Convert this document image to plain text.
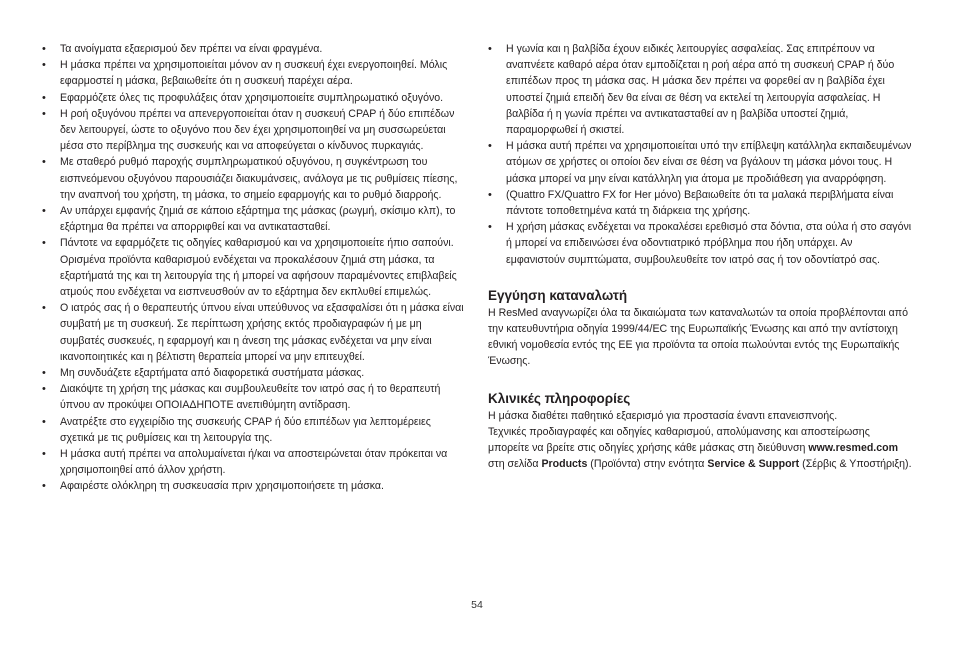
• Τα ανοίγματα εξαερισμού δεν πρέπει να είναι φραγμένα.
• Η μάσκα πρέπει να χρησιμοποιείται μόνον αν η συσκευή έχει ενεργοποιηθεί. Μόλις εφαρμοστεί η μάσκα, βεβαιωθείτε ότι η συσκευή παρέχει αέρα.
• Εφαρμόζετε όλες τις προφυλάξεις όταν χρησιμοποιείτε συμπληρωματικό οξυγόνο.
• Η ροή οξυγόνου πρέπει να απενεργοποιείται όταν η συσκευή CPAP ή δύο επιπέδων δεν λειτουργεί, ώστε το οξυγόνο που δεν έχει χρησιμοποιηθεί να μη συσσωρεύεται μέσα στο περίβλημα της συσκευής και να αποφεύγεται ο κίνδυνος πυρκαγιάς.
• Με σταθερό ρυθμό παροχής συμπληρωματικού οξυγόνου, η συγκέντρωση του εισπνεόμενου οξυγόνου παρουσιάζει διακυμάνσεις, ανάλογα με τις ρυθμίσεις πίεσης, την αναπνοή του χρήστη, τη μάσκα, το σημείο εφαρμογής και το ρυθμό διαρροής.
• Αν υπάρχει εμφανής ζημιά σε κάποιο εξάρτημα της μάσκας (ρωγμή, σκίσιμο κλπ), το εξάρτημα θα πρέπει να απορριφθεί και να αντικατασταθεί.
• Πάντοτε να εφαρμόζετε τις οδηγίες καθαρισμού και να χρησιμοποιείτε ήπιο σαπούνι. Ορισμένα προϊόντα καθαρισμού ενδέχεται να προκαλέσουν ζημιά στη μάσκα, τα εξαρτήματά της και τη λειτουργία της ή μπορεί να αφήσουν παραμένοντες επιβλαβείς ατμούς που ενδέχεται να εισπνευσθούν αν το εξάρτημα δεν εκπλυθεί επιμελώς.
• Ο ιατρός σας ή ο θεραπευτής ύπνου είναι υπεύθυνος να εξασφαλίσει ότι η μάσκα είναι συμβατή με τη συσκευή. Σε περίπτωση χρήσης εκτός προδιαγραφών ή με μη συμβατές συσκευές, η εφαρμογή και η άνεση της μάσκας ενδέχεται να μην είναι ικανοποιητικές και η βέλτιστη θεραπεία μπορεί να μην επιτευχθεί.
• Μη συνδυάζετε εξαρτήματα από διαφορετικά συστήματα μάσκας.
• Διακόψτε τη χρήση της μάσκας και συμβουλευθείτε τον ιατρό σας ή το θεραπευτή ύπνου αν προκύψει ΟΠΟΙΑΔΗΠΟΤΕ ανεπιθύμητη αντίδραση.
• Ανατρέξτε στο εγχειρίδιο της συσκευής CPAP ή δύο επιπέδων για λεπτομέρειες σχετικά με τις ρυθμίσεις και τη λειτουργία της.
• Η μάσκα αυτή πρέπει να απολυμαίνεται ή/και να αποστειρώνεται όταν πρόκειται να χρησιμοποιηθεί από άλλον χρήστη.
• Αφαιρέστε ολόκληρη τη συσκευασία πριν χρησιμοποιήσετε τη μάσκα.
• Η γωνία και η βαλβίδα έχουν ειδικές λειτουργίες ασφαλείας. Σας επιτρέπουν να αναπνέετε καθαρό αέρα όταν εμποδίζεται η ροή αέρα από τη συσκευή CPAP ή δύο επιπέδων προς τη μάσκα σας. Η μάσκα δεν πρέπει να φορεθεί αν η βαλβίδα έχει υποστεί ζημιά επειδή δεν θα είναι σε θέση να εκτελεί τη λειτουργία ασφαλείας. Η βαλβίδα ή η γωνία πρέπει να αντικατασταθεί αν η βαλβίδα υποστεί ζημιά, παραμορφωθεί ή σκιστεί.
• Η μάσκα αυτή πρέπει να χρησιμοποιείται υπό την επίβλεψη κατάλληλα εκπαιδευμένων ατόμων σε χρήστες οι οποίοι δεν είναι σε θέση να βγάλουν τη μάσκα μόνοι τους. Η μάσκα μπορεί να μην είναι κατάλληλη για άτομα με προδιάθεση για αναρρόφηση.
• (Quattro FX/Quattro FX for Her μόνο) Βεβαιωθείτε ότι τα μαλακά περιβλήματα είναι πάντοτε τοποθετημένα κατά τη διάρκεια της χρήσης.
• Η χρήση μάσκας ενδέχεται να προκαλέσει ερεθισμό στα δόντια, στα ούλα ή στο σαγόνι ή μπορεί να επιδεινώσει ένα οδοντιατρικό πρόβλημα που ήδη υπάρχει. Αν εμφανιστούν συμπτώματα, συμβουλευθείτε τον ιατρό σας ή τον οδοντίατρό σας.
Εγγύηση καταναλωτή

Η ResMed αναγνωρίζει όλα τα δικαιώματα των καταναλωτών τα οποία προβλέπονται από την κατευθυντήρια οδηγία 1999/44/ΕC της Ευρωπαϊκής Ένωσης και από την αντίστοιχη εθνική νομοθεσία εντός της ΕΕ για προϊόντα τα οποία πωλούνται εντός της Ευρωπαϊκής Ένωσης.

Κλινικές πληροφορίες

Η μάσκα διαθέτει παθητικό εξαερισμό για προστασία έναντι επανεισπνοής.

Τεχνικές προδιαγραφές και οδηγίες καθαρισμού, απολύμανσης και αποστείρωσης μπορείτε να βρείτε στις οδηγίες χρήσης κάθε μάσκας στη διεύθυνση www.resmed.com στη σελίδα Products (Προϊόντα) στην ενότητα Service & Support (Σέρβις & Υποστήριξη).

54
